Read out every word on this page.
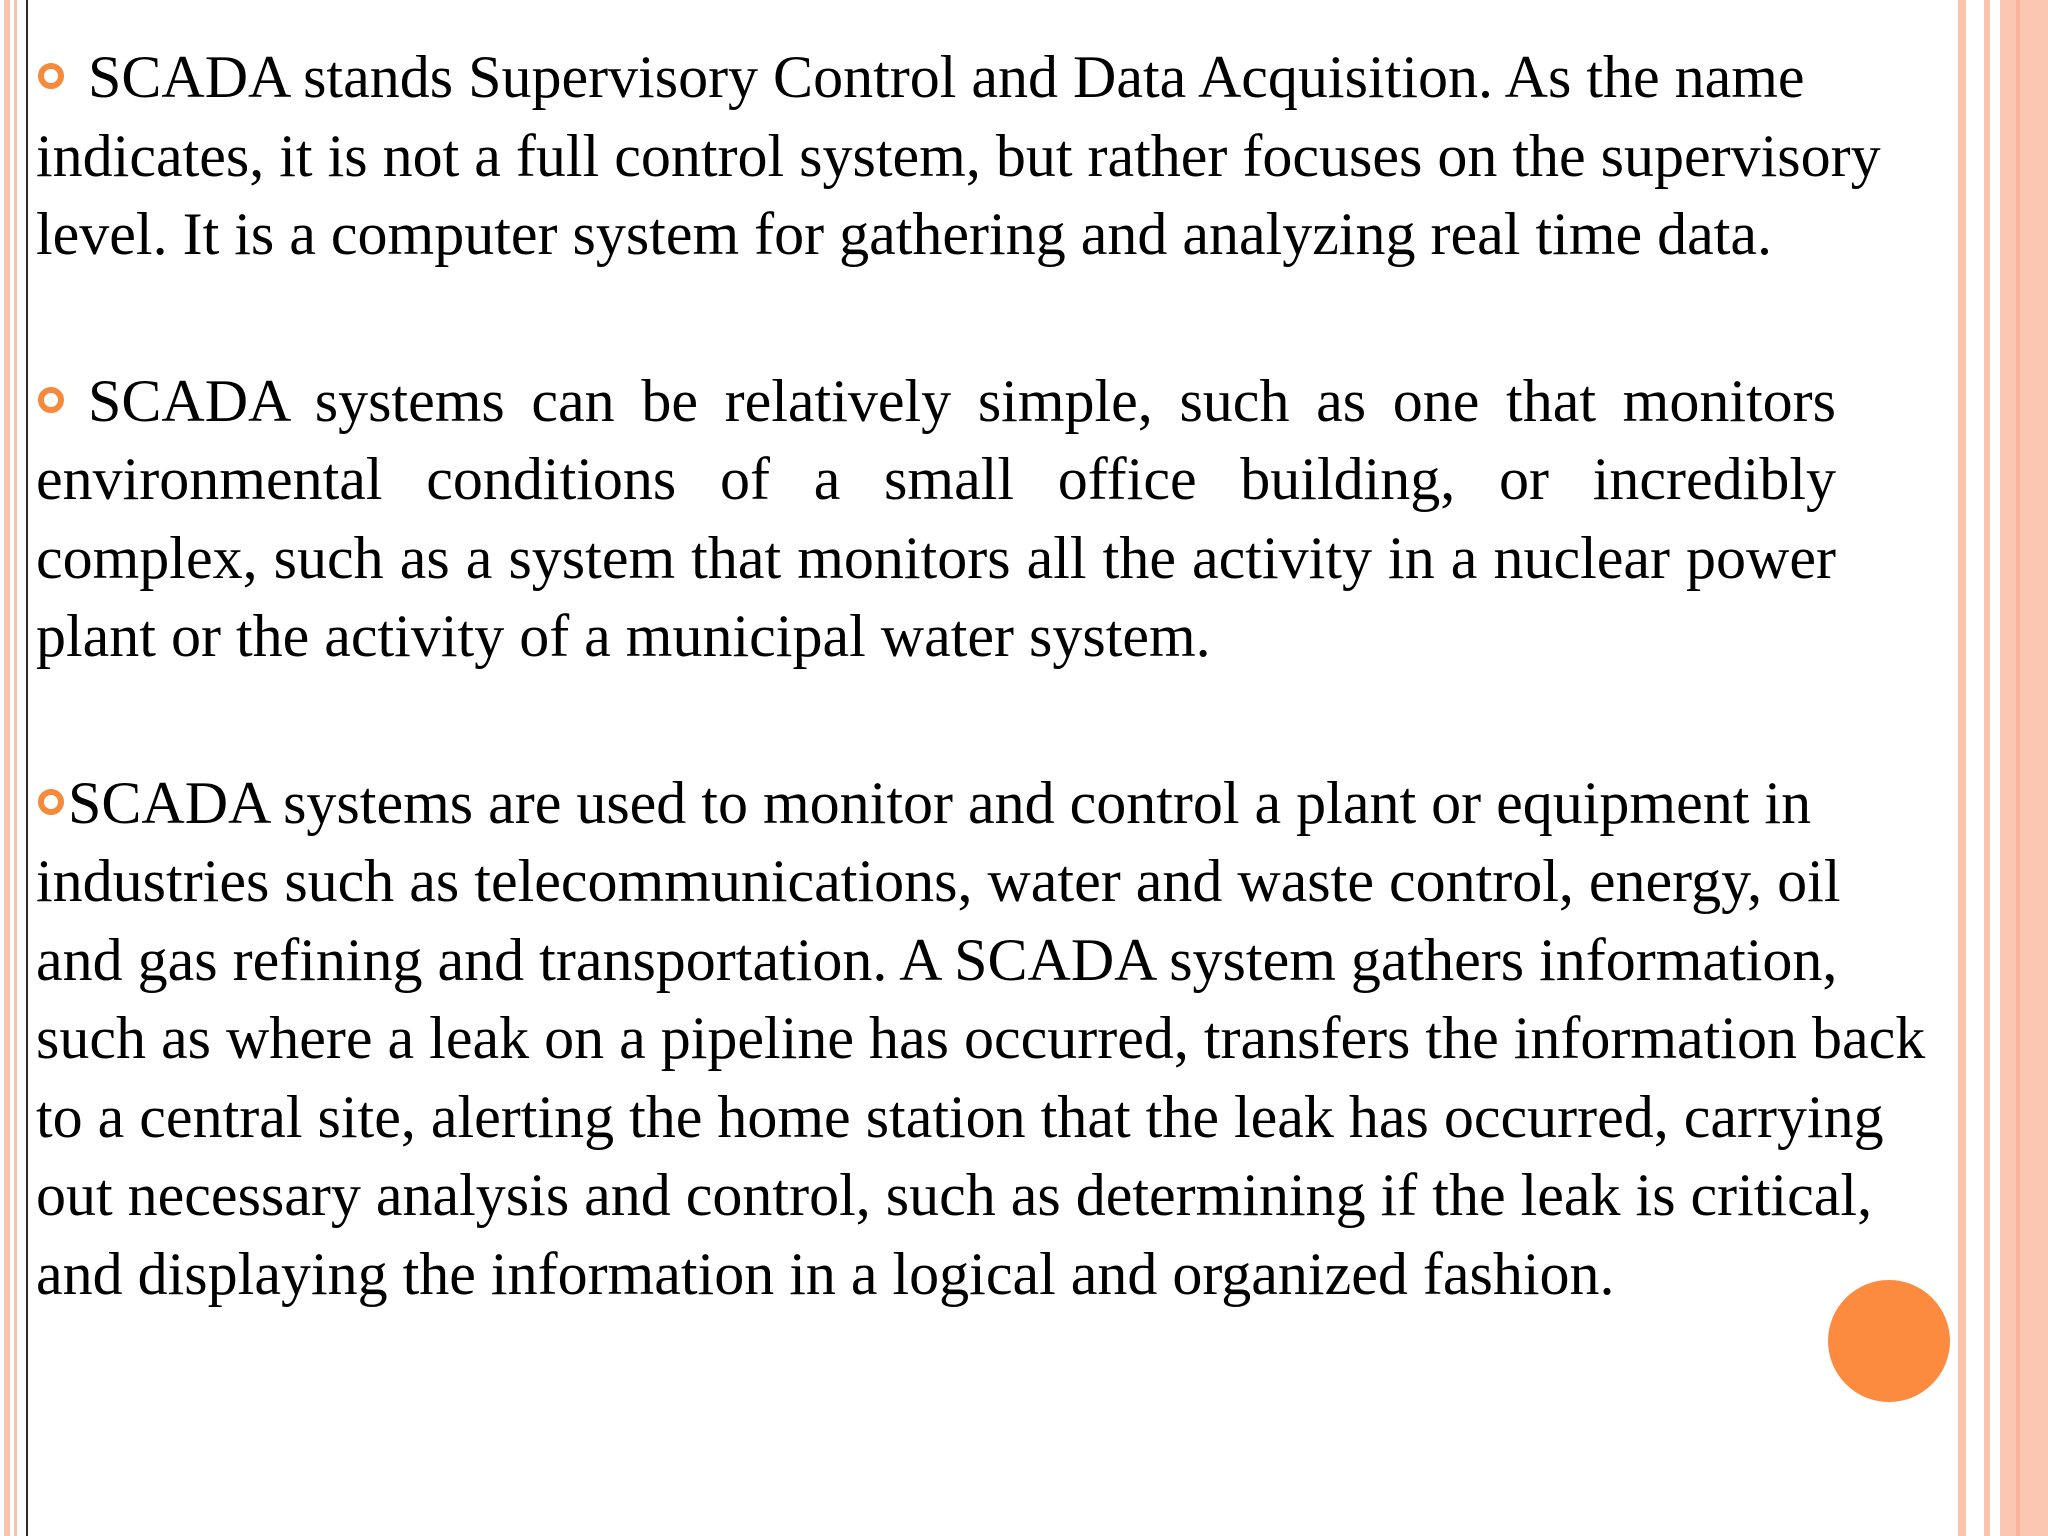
SCADA stands Supervisory Control and Data Acquisition. As the name indicates, it is not a full control system, but rather focuses on the supervisory level. It is a computer system for gathering and analyzing real time data.

SCADA systems can be relatively simple, such as one that monitors environmental conditions of a small office building, or incredibly complex, such as a system that monitors all the activity in a nuclear power plant or the activity of a municipal water system.

SCADA systems are used to monitor and control a plant or equipment in industries such as telecommunications, water and waste control, energy, oil and gas refining and transportation. A SCADA system gathers information, such as where a leak on a pipeline has occurred, transfers the information back to a central site, alerting the home station that the leak has occurred, carrying out necessary analysis and control, such as determining if the leak is critical, and displaying the information in a logical and organized fashion.
